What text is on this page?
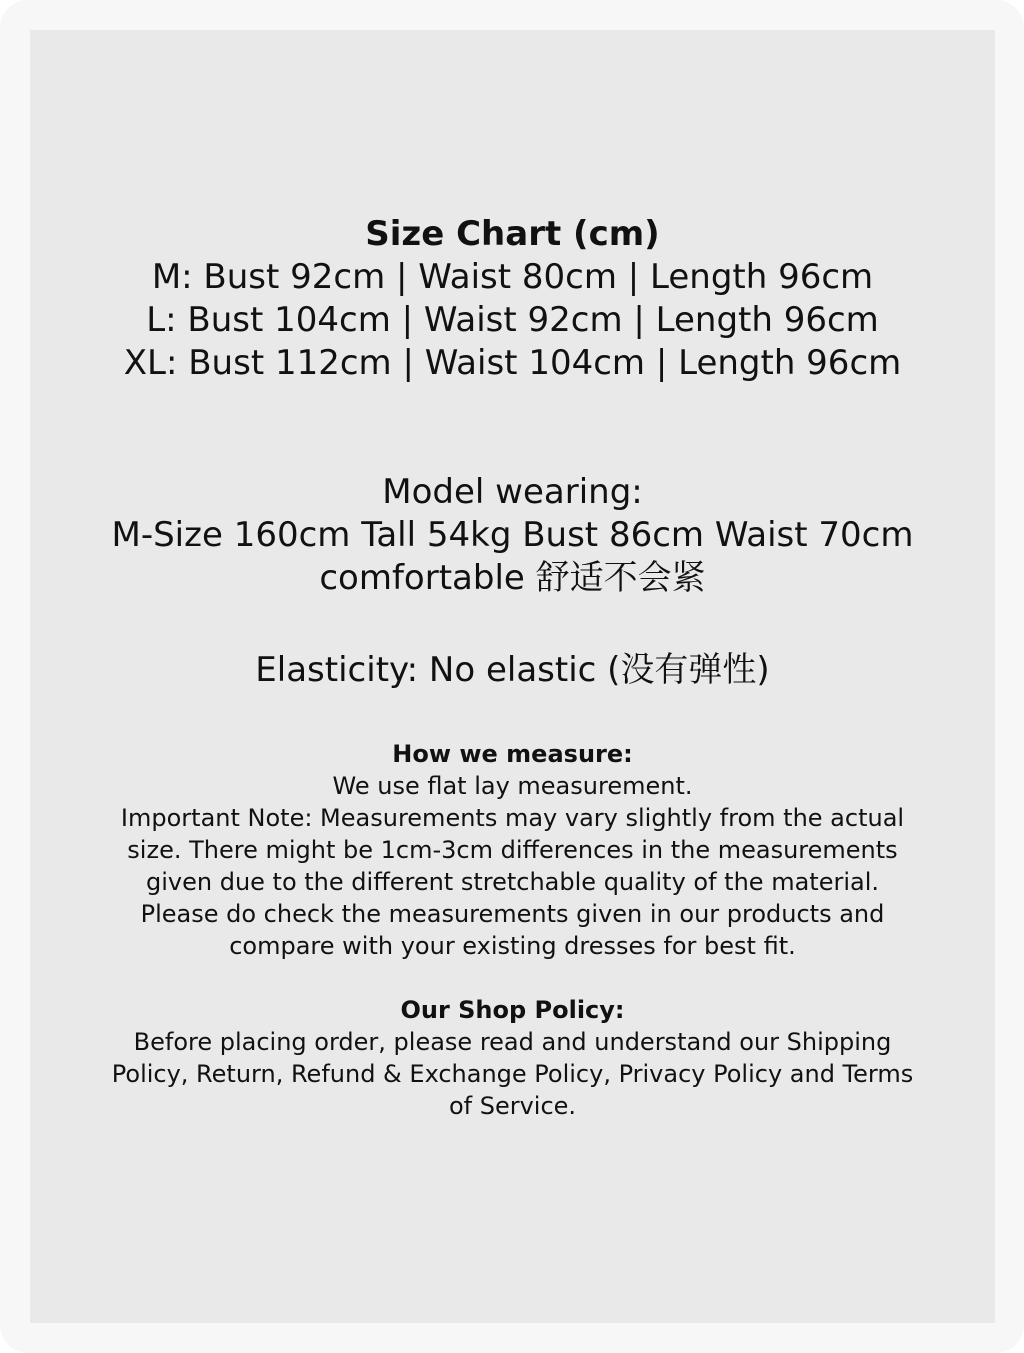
Size Chart (cm)
M: Bust 92cm | Waist 80cm | Length 96cm
L: Bust 104cm | Waist 92cm | Length 96cm
XL: Bust 112cm | Waist 104cm | Length 96cm
Model wearing:
M-Size 160cm Tall 54kg Bust 86cm Waist 70cm
comfortable 舒适不会紧
Elasticity: No elastic (没有弹性)
How we measure:
We use flat lay measurement.
Important Note: Measurements may vary slightly from the actual
size. There might be 1cm-3cm differences in the measurements
given due to the different stretchable quality of the material.
Please do check the measurements given in our products and
compare with your existing dresses for best fit.
Our Shop Policy:
Before placing order, please read and understand our Shipping
Policy, Return, Refund & Exchange Policy, Privacy Policy and Terms
of Service.
